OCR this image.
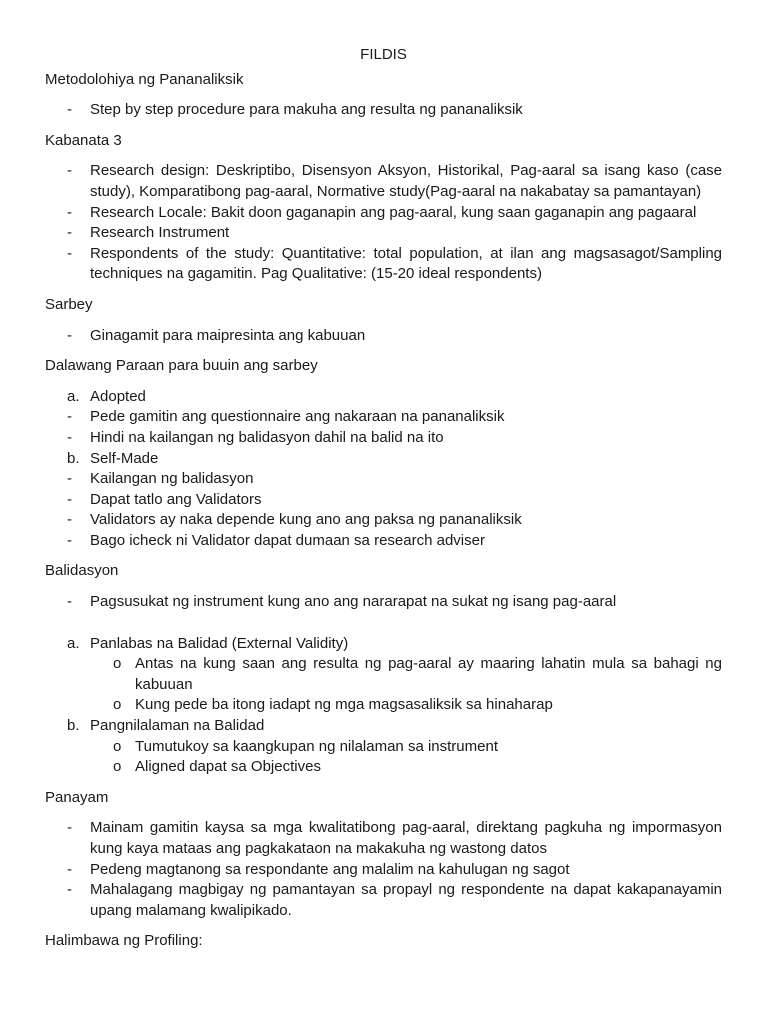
FILDIS
Metodolohiya ng Pananaliksik
- Step by step procedure para makuha ang resulta ng pananaliksik
Kabanata 3
- Research design: Deskriptibo, Disensyon Aksyon, Historikal, Pag-aaral sa isang kaso (case study), Komparatibong pag-aaral, Normative study(Pag-aaral na nakabatay sa pamantayan)
- Research Locale: Bakit doon gaganapin ang pag-aaral, kung saan gaganapin ang pagaaral
- Research Instrument
- Respondents of the study: Quantitative: total population, at ilan ang magsasagot/Sampling techniques na gagamitin. Pag Qualitative: (15-20 ideal respondents)
Sarbey
- Ginagamit para maipresinta ang kabuuan
Dalawang Paraan para buuin ang sarbey
a. Adopted
- Pede gamitin ang questionnaire ang nakaraan na pananaliksik
- Hindi na kailangan ng balidasyon dahil na balid na ito
b. Self-Made
- Kailangan ng balidasyon
- Dapat tatlo ang Validators
- Validators ay naka depende kung ano ang paksa ng pananaliksik
- Bago icheck ni Validator dapat dumaan sa research adviser
Balidasyon
- Pagsusukat ng instrument kung ano ang nararapat na sukat ng isang pag-aaral
a. Panlabas na Balidad (External Validity)
o Antas na kung saan ang resulta ng pag-aaral ay maaring lahatin mula sa bahagi ng kabuuan
o Kung pede ba itong iadapt ng mga magsasaliksik sa hinaharap
b. Pangnilalaman na Balidad
o Tumutukoy sa kaangkupan ng nilalaman sa instrument
o Aligned dapat sa Objectives
Panayam
- Mainam gamitin kaysa sa mga kwalitatibong pag-aaral, direktang pagkuha ng impormasyon kung kaya mataas ang pagkakataon na makakuha ng wastong datos
- Pedeng magtanong sa respondante ang malalim na kahulugan ng sagot
- Mahalagang magbigay ng pamantayan sa propayl ng respondente na dapat kakapanayamin upang malamang kwalipikado.
Halimbawa ng Profiling:
